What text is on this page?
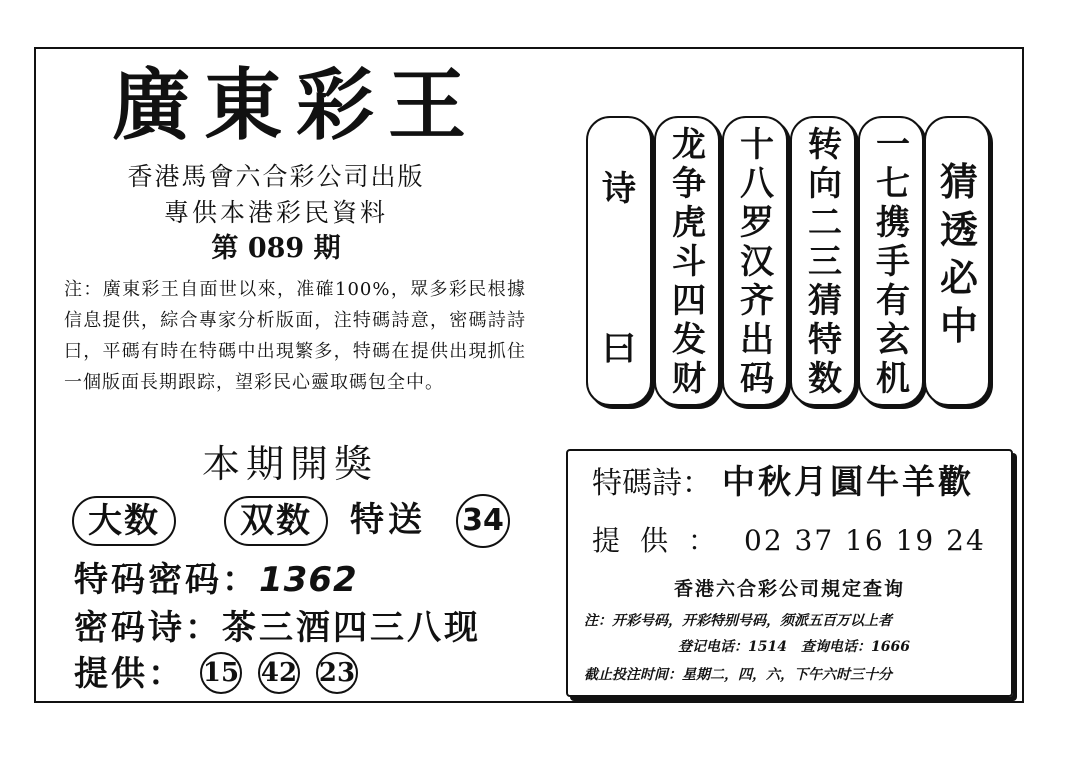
廣東彩王
香港馬會六合彩公司出版
專供本港彩民資料
第 089 期
注：廣東彩王自面世以來，准確100%，眾多彩民根據信息提供，綜合專家分析版面，注特碼詩意，密碼詩詩曰，平碼有時在特碼中出現繁多，特碼在提供出現抓住一個版面長期跟踪，望彩民心靈取碼包全中。
本期開獎
大数	双数	特送 34
特码密码：1362
密码诗：茶三酒四三八现
提供： 15 42 23
诗
曰
龙争虎斗四发财
十八罗汉齐出码
转向二三猜特数
一七携手有玄机
猜透必中
特碼詩： 中秋月圓牛羊歡
提供： 02 37 16 19 24
香港六合彩公司規定查询
注：开彩号码，开彩特别号码，须派五百万以上者
登记电话：1514　查询电话：1666
截止投注时间：星期二，四，六，下午六时三十分
